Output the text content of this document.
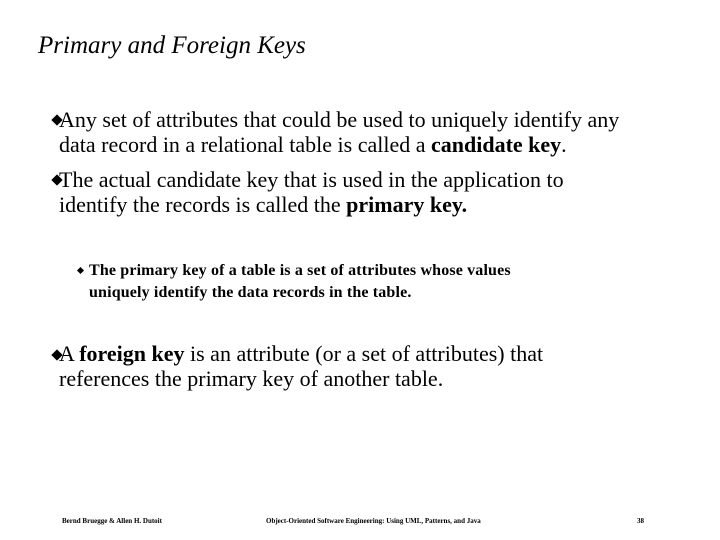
Primary and Foreign Keys
Any set of attributes that could be used to uniquely identify any
data record in a relational table is called a candidate key.
The actual candidate key that is used in the application to
identify the records is called the primary key.
The primary key of a table is a set of attributes whose values
uniquely identify the data records in the table.
A foreign key is an attribute (or a set of attributes) that
references the primary key of another table.
Bernd Bruegge & Allen H. Dutoit	Object-Oriented Software Engineering: Using UML, Patterns, and Java	38
